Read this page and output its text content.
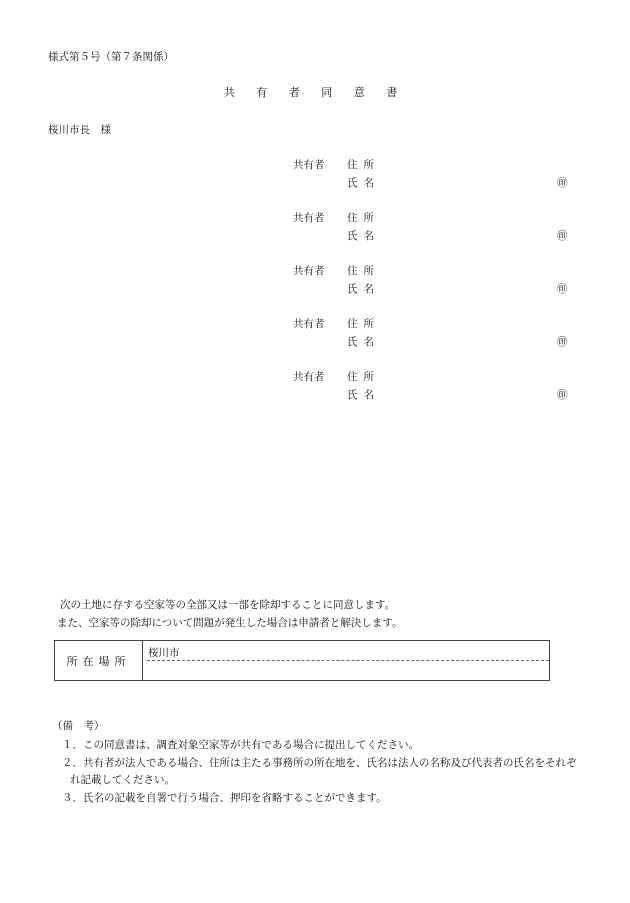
様式第５号（第７条関係）
共 有 者 同 意 書
桜川市長　様
共有者 住所
氏名	㊞
共有者 住所
氏名	㊞
共有者 住所
氏名	㊞
共有者 住所
氏名	㊞
共有者 住所
氏名	㊞
次の土地に存する空家等の全部又は一部を除却することに同意します。
また、空家等の除却について問題が発生した場合は申請者と解決します。
所在場所
桜川市
（備　考）
１．この同意書は、調査対象空家等が共有である場合に提出してください。
２．共有者が法人である場合、住所は主たる事務所の所在地を、氏名は法人の名称及び代表者の氏名をそれぞ
れ記載してください。
３．氏名の記載を自署で行う場合、押印を省略することができます。
